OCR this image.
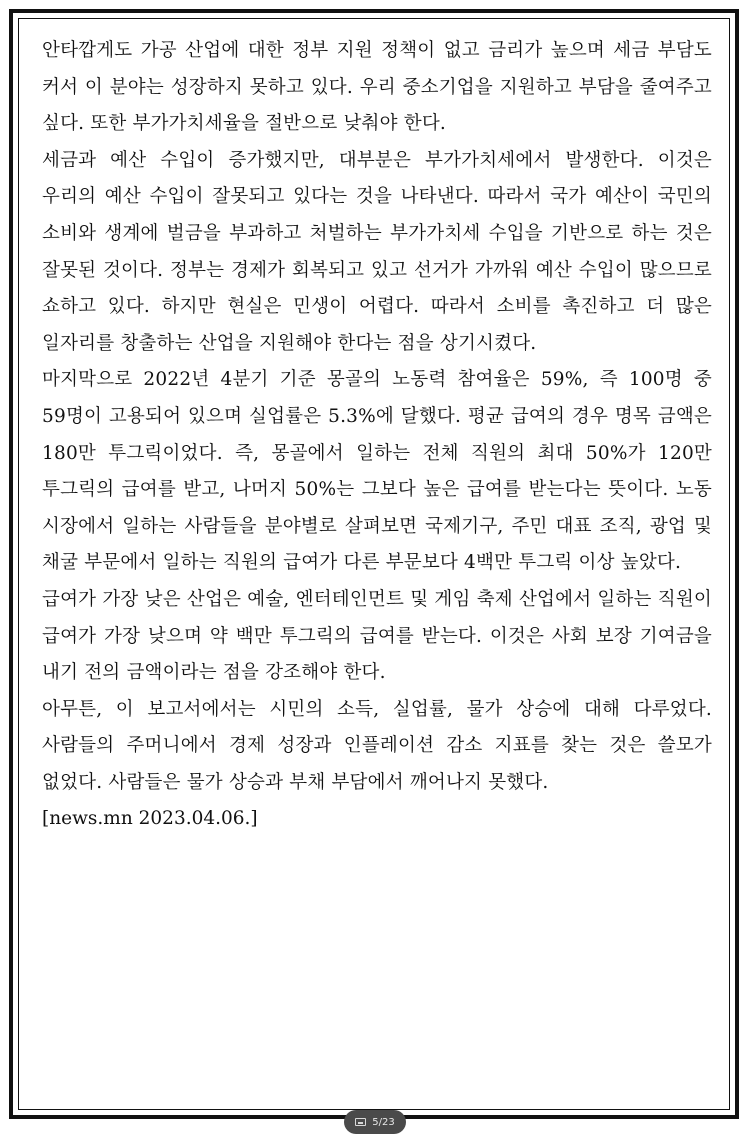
안타깝게도 가공 산업에 대한 정부 지원 정책이 없고 금리가 높으며 세금 부담도 커서 이 분야는 성장하지 못하고 있다. 우리 중소기업을 지원하고 부담을 줄여주고 싶다. 또한 부가가치세율을 절반으로 낮춰야 한다.

세금과 예산 수입이 증가했지만, 대부분은 부가가치세에서 발생한다. 이것은 우리의 예산 수입이 잘못되고 있다는 것을 나타낸다. 따라서 국가 예산이 국민의 소비와 생계에 벌금을 부과하고 처벌하는 부가가치세 수입을 기반으로 하는 것은 잘못된 것이다. 정부는 경제가 회복되고 있고 선거가 가까워 예산 수입이 많으므로 쇼하고 있다. 하지만 현실은 민생이 어렵다. 따라서 소비를 촉진하고 더 많은 일자리를 창출하는 산업을 지원해야 한다는 점을 상기시켰다.

마지막으로 2022년 4분기 기준 몽골의 노동력 참여율은 59%, 즉 100명 중 59명이 고용되어 있으며 실업률은 5.3%에 달했다. 평균 급여의 경우 명목 금액은 180만 투그릭이었다. 즉, 몽골에서 일하는 전체 직원의 최대 50%가 120만 투그릭의 급여를 받고, 나머지 50%는 그보다 높은 급여를 받는다는 뜻이다. 노동 시장에서 일하는 사람들을 분야별로 살펴보면 국제기구, 주민 대표 조직, 광업 및 채굴 부문에서 일하는 직원의 급여가 다른 부문보다 4백만 투그릭 이상 높았다.

급여가 가장 낮은 산업은 예술, 엔터테인먼트 및 게임 축제 산업에서 일하는 직원이 급여가 가장 낮으며 약 백만 투그릭의 급여를 받는다. 이것은 사회 보장 기여금을 내기 전의 금액이라는 점을 강조해야 한다.

아무튼, 이 보고서에서는 시민의 소득, 실업률, 물가 상승에 대해 다루었다. 사람들의 주머니에서 경제 성장과 인플레이션 감소 지표를 찾는 것은 쓸모가 없었다. 사람들은 물가 상승과 부채 부담에서 깨어나지 못했다.

[news.mn 2023.04.06.]

5/23
